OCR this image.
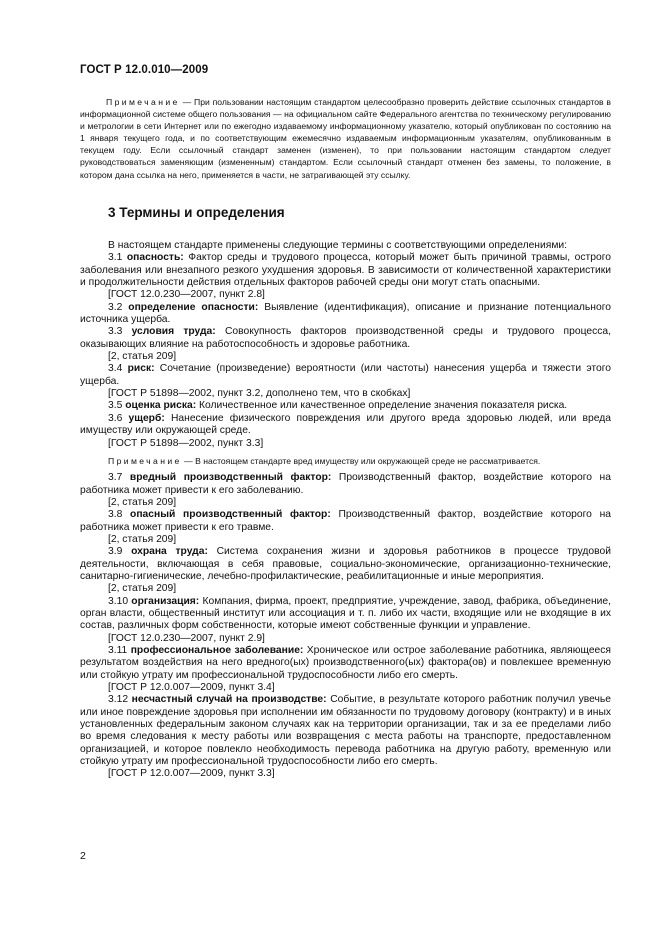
ГОСТ Р 12.0.010—2009

Примечание — При пользовании настоящим стандартом целесообразно проверить действие ссылочных стандартов в информационной системе общего пользования — на официальном сайте Федерального агентства по техническому регулированию и метрологии в сети Интернет или по ежегодно издаваемому информационному указателю, который опубликован по состоянию на 1 января текущего года, и по соответствующим ежемесячно издаваемым информационным указателям, опубликованным в текущем году. Если ссылочный стандарт заменен (изменен), то при пользовании настоящим стандартом следует руководствоваться заменяющим (измененным) стандартом. Если ссылочный стандарт отменен без замены, то положение, в котором дана ссылка на него, применяется в части, не затрагивающей эту ссылку.

3 Термины и определения

В настоящем стандарте применены следующие термины с соответствующими определениями:

3.1 опасность: Фактор среды и трудового процесса, который может быть причиной травмы, острого заболевания или внезапного резкого ухудшения здоровья. В зависимости от количественной характеристики и продолжительности действия отдельных факторов рабочей среды они могут стать опасными.

[ГОСТ 12.0.230—2007, пункт 2.8]

3.2 определение опасности: Выявление (идентификация), описание и признание потенциального источника ущерба.

3.3 условия труда: Совокупность факторов производственной среды и трудового процесса, оказывающих влияние на работоспособность и здоровье работника.

[2, статья 209]

3.4 риск: Сочетание (произведение) вероятности (или частоты) нанесения ущерба и тяжести этого ущерба.

[ГОСТ Р 51898—2002, пункт 3.2, дополнено тем, что в скобках]

3.5 оценка риска: Количественное или качественное определение значения показателя риска.

3.6 ущерб: Нанесение физического повреждения или другого вреда здоровью людей, или вреда имуществу или окружающей среде.

[ГОСТ Р 51898—2002, пункт 3.3]

Примечание — В настоящем стандарте вред имуществу или окружающей среде не рассматривается.

3.7 вредный производственный фактор: Производственный фактор, воздействие которого на работника может привести к его заболеванию.

[2, статья 209]

3.8 опасный производственный фактор: Производственный фактор, воздействие которого на работника может привести к его травме.

[2, статья 209]

3.9 охрана труда: Система сохранения жизни и здоровья работников в процессе трудовой деятельности, включающая в себя правовые, социально-экономические, организационно-технические, санитарно-гигиенические, лечебно-профилактические, реабилитационные и иные мероприятия.

[2, статья 209]

3.10 организация: Компания, фирма, проект, предприятие, учреждение, завод, фабрика, объединение, орган власти, общественный институт или ассоциация и т. п. либо их части, входящие или не входящие в их состав, различных форм собственности, которые имеют собственные функции и управление.

[ГОСТ 12.0.230—2007, пункт 2.9]

3.11 профессиональное заболевание: Хроническое или острое заболевание работника, являющееся результатом воздействия на него вредного(ых) производственного(ых) фактора(ов) и повлекшее временную или стойкую утрату им профессиональной трудоспособности либо его смерть.

[ГОСТ Р 12.0.007—2009, пункт 3.4]

3.12 несчастный случай на производстве: Событие, в результате которого работник получил увечье или иное повреждение здоровья при исполнении им обязанности по трудовому договору (контракту) и в иных установленных федеральным законом случаях как на территории организации, так и за ее пределами либо во время следования к месту работы или возвращения с места работы на транспорте, предоставленном организацией, и которое повлекло необходимость перевода работника на другую работу, временную или стойкую утрату им профессиональной трудоспособности либо его смерть.

[ГОСТ Р 12.0.007—2009, пункт 3.3]

2
